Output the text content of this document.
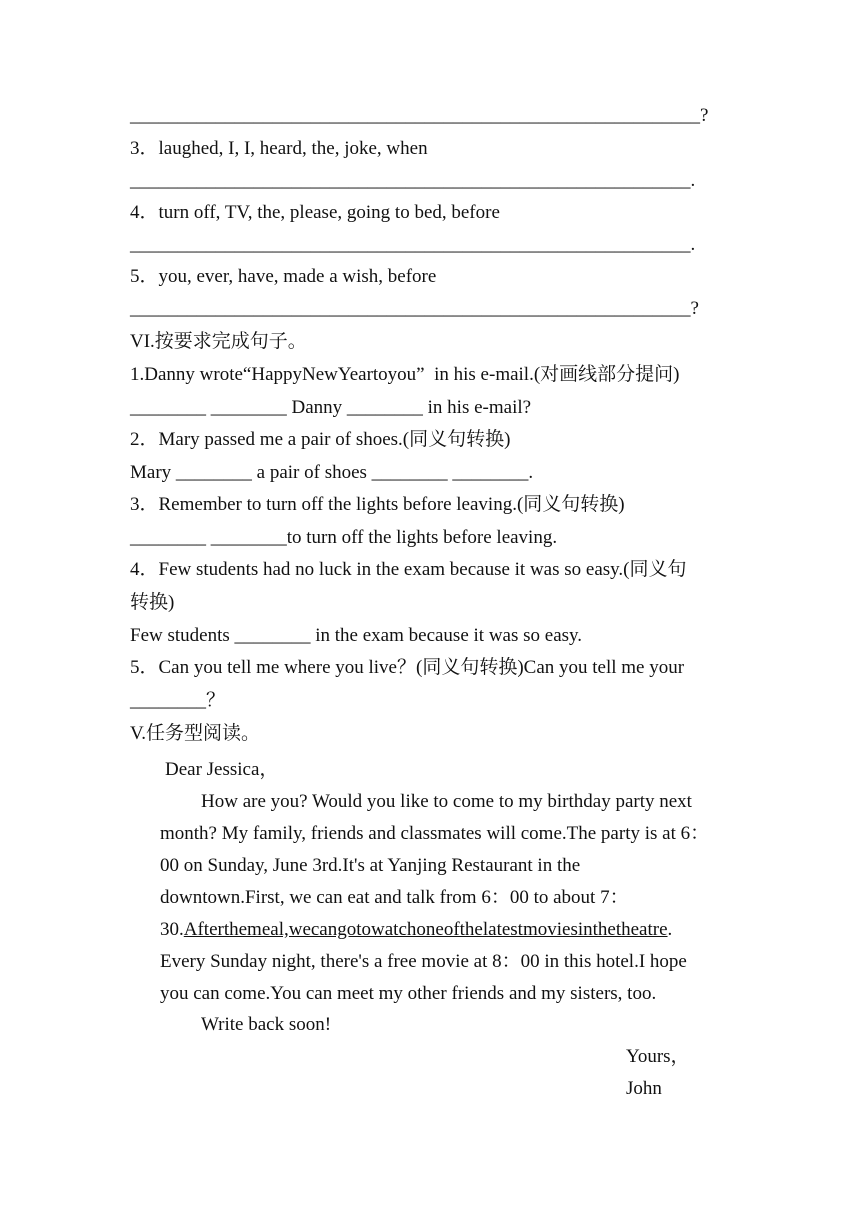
____________________________________________________________?
3．laughed, I, I, heard, the, joke, when
___________________________________________________________.
4．turn off, TV, the, please, going to bed, before
___________________________________________________________.
5．you, ever, have, made a wish, before
___________________________________________________________?
VI.按要求完成句子。
1.Danny wrote“HappyNewYeartoyou”  in his e-mail.(对画线部分提问)
________ ________ Danny ________ in his e-mail?
2．Mary passed me a pair of shoes.(同义句转换)
Mary ________ a pair of shoes ________ ________.
3．Remember to turn off the lights before leaving.(同义句转换)
________ ________to turn off the lights before leaving.
4．Few students had no luck in the exam because it was so easy.(同义句
转换)
Few students ________ in the exam because it was so easy.
5．Can you tell me where you live？(同义句转换)Can you tell me your
________？
V.任务型阅读。
Dear Jessica，
How are you? Would you like to come to my birthday party next
month? My family, friends and classmates will come.The party is at 6：
00 on Sunday, June 3rd.It's at Yanjing Restaurant in the
downtown.First, we can eat and talk from 6：00 to about 7：
30.Afterthemeal,wecangotowatchoneofthelatestmoviesinthetheatre.
Every Sunday night, there's a free movie at 8：00 in this hotel.I hope
you can come.You can meet my other friends and my sisters, too.
Write back soon!
Yours，
John
